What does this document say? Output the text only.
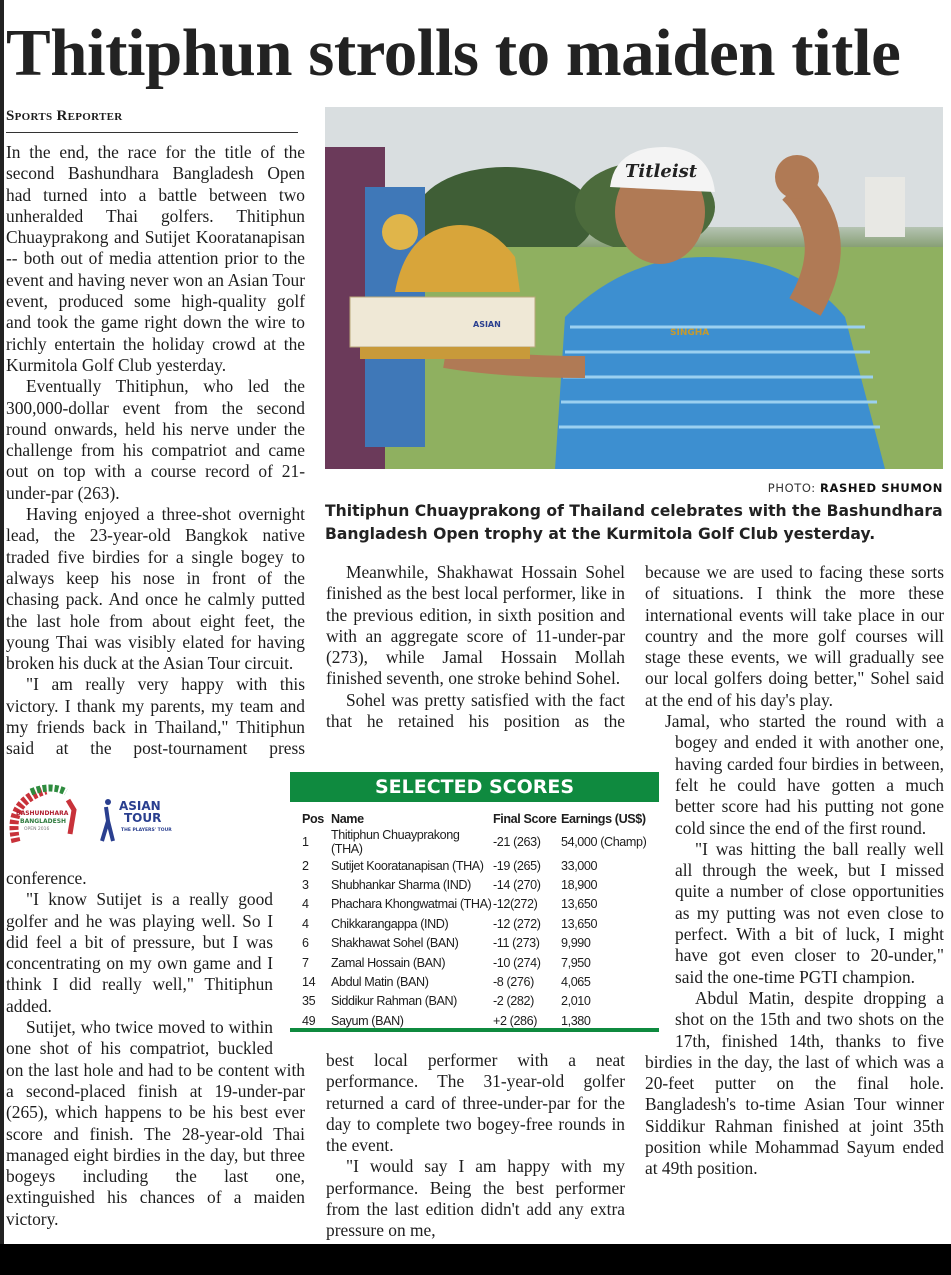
Thitiphun strolls to maiden title
Sports Reporter
BASHUNDHARA
BANGLADESH
OPEN 2016
ASIAN
TOUR
THE PLAYERS' TOUR

In the end, the race for the title of the second Bashundhara Bangladesh Open had turned into a battle between two unheralded Thai golfers. Thitiphun Chuayprakong and Sutijet Kooratanapisan -- both out of media attention prior to the event and having never won an Asian Tour event, produced some high-quality golf and took the game right down the wire to richly entertain the holiday crowd at the Kurmitola Golf Club yesterday.

Eventually Thitiphun, who led the 300,000-dollar event from the second round onwards, held his nerve under the challenge from his compatriot and came out on top with a course record of 21-under-par (263).

Having enjoyed a three-shot overnight lead, the 23-year-old Bangkok native traded five birdies for a single bogey to always keep his nose in front of the chasing pack. And once he calmly putted the last hole from about eight feet, the young Thai was visibly elated for having broken his duck at the Asian Tour circuit.

"I am really very happy with this victory. I thank my parents, my team and my friends back in Thailand," Thitiphun said at the post-tournament press conference.

"I know Sutijet is a really good golfer and he was playing well. So I did feel a bit of pressure, but I was concentrating on my own game and I think I did really well," Thitiphun added.

Sutijet, who twice moved to within one shot of his compatriot, buckled on the last hole and had to be content with a second-placed finish at 19-under-par (265), which happens to be his best ever score and finish. The 28-year-old Thai managed eight birdies in the day, but three bogeys including the last one, extinguished his chances of a maiden victory.

Titleist
SINGHA
ASIAN
PHOTO: RASHED SHUMON
Thitiphun Chuayprakong of Thailand celebrates with the Bashundhara Bangladesh Open trophy at the Kurmitola Golf Club yesterday.

Meanwhile, Shakhawat Hossain Sohel finished as the best local performer, like in the previous edition, in sixth position and with an aggregate score of 11-under-par (273), while Jamal Hossain Mollah finished seventh, one stroke behind Sohel.

Sohel was pretty satisfied with the fact that he retained his position as the

best local performer with a neat performance. The 31-year-old golfer returned a card of three-under-par for the day to complete two bogey-free rounds in the event.

"I would say I am happy with my performance. Being the best performer from the last edition didn't add any extra pressure on me,

because we are used to facing these sorts of situations. I think the more these international events will take place in our country and the more golf courses will stage these events, we will gradually see our local golfers doing better," Sohel said at the end of his day's play.

Jamal, who started the round with a bogey and ended it with another one, having carded four birdies in between, felt he could have gotten a much better score had his putting not gone cold since the end of the first round.

"I was hitting the ball really well all through the week, but I missed quite a number of close opportunities as my putting was not even close to perfect. With a bit of luck, I might have got even closer to 20-under," said the one-time PGTI champion.

Abdul Matin, despite dropping a shot on the 15th and two shots on the 17th, finished 14th, thanks to five birdies in the day, the last of which was a 20-feet putter on the final hole. Bangladesh's to-time Asian Tour winner Siddikur Rahman finished at joint 35th position while Mohammad Sayum ended at 49th position.

SELECTED SCORES
Pos	Name	Final Score	Earnings (US$)
1	Thitiphun Chuayprakong (THA)	-21 (263)	54,000 (Champ)
2	Sutijet Kooratanapisan (THA)	-19 (265)	33,000
3	Shubhankar Sharma (IND)	-14 (270)	18,900
4	Phachara Khongwatmai (THA)	-12(272)	13,650
4	Chikkarangappa (IND)	-12 (272)	13,650
6	Shakhawat Sohel (BAN)	-11 (273)	9,990
7	Zamal Hossain (BAN)	-10 (274)	7,950
14	Abdul Matin (BAN)	-8 (276)	4,065
35	Siddikur Rahman (BAN)	-2 (282)	2,010
49	Sayum (BAN)	+2 (286)	1,380
